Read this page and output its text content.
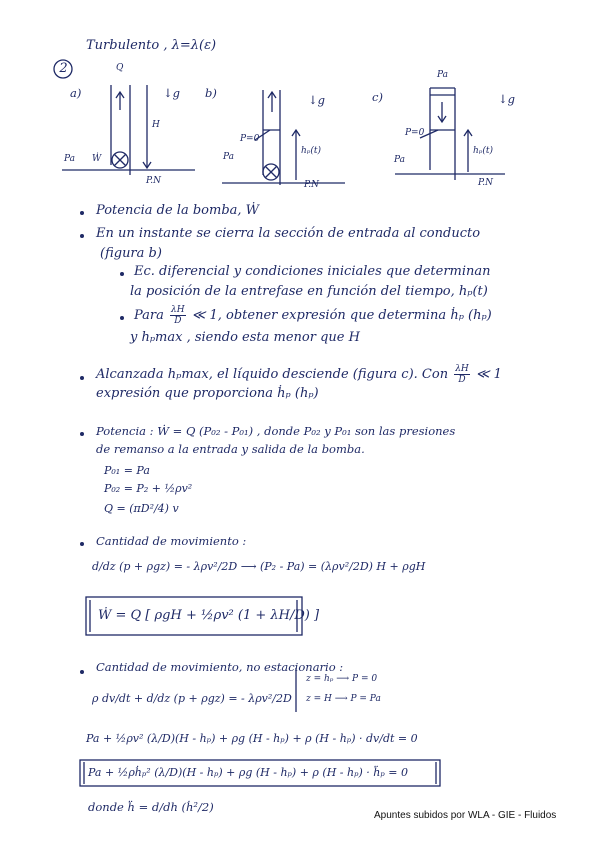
Turbulento , λ=λ(ε)
2
a)
Q
↓g
H
Pa Ẇ
P.N
b)
P=0
hₚ(t)
↓g
Pa
P.N
c)
Pa
P=0
hₚ(t)
↓g
Pa
P.N
Potencia de la bomba, Ẇ
En un instante se cierra la sección de entrada al conducto
(figura b)
Ec. diferencial y condiciones iniciales que determinan
la posición de la entrefase en función del tiempo, hₚ(t)
Para $\frac{\lambda H}{D}$ ≪ 1, obtener expresión que determina ḣₚ (hₚ)
y hₚmax , siendo esta menor que H
Alcanzada hₚmax, el líquido desciende (figura c). Con $\frac{\lambda H}{D}$ ≪ 1
expresión que proporciona ḣₚ (hₚ)
Potencia : Ẇ = Q (P₀₂ - P₀₁) , donde P₀₂ y P₀₁ son las presiones
de remanso a la entrada y salida de la bomba.
P₀₁ = Pa
P₀₂ = P₂ + ½ρv²
Q = (πD²/4) v
Cantidad de movimiento :
d/dz (p + ρgz) = - λρv²/2D ⟶ (P₂ - Pa) = (λρv²/2D) H + ρgH
Ẇ = Q [ ρgH + ½ρv² (1 + λH/D) ]
Cantidad de movimiento, no estacionario :
ρ dv/dt + d/dz (p + ρgz) = - λρv²/2D
z = hₚ ⟶ P = 0
z = H ⟶ P = Pa
Pa + ½ρv² (λ/D)(H - hₚ) + ρg (H - hₚ) + ρ (H - hₚ) · dv/dt = 0
Pa + ½ρḣₚ² (λ/D)(H - hₚ) + ρg (H - hₚ) + ρ (H - hₚ) · ḧₚ = 0
donde ḧ = d/dh (ḣ²/2)
Apuntes subidos por WLA - GIE - Fluidos
